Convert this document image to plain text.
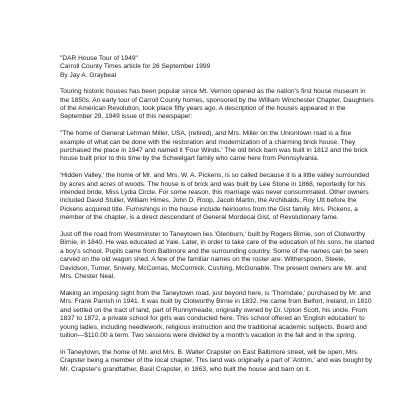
"DAR House Tour of 1949"
Carroll County Times article for 26 September 1999
By Jay A. Graybeal

Touring historic houses has been popular since Mt. Vernon opened as the nation's first house museum in the 1850s. An early tour of Carroll County homes, sponsored by the William Winchester Chapter, Daughters of the American Revolution, took place fifty years ago. A description of the houses appeared in the September 29, 1949 issue of this newspaper:

"The home of General Lehman Miller, USA, (retired), and Mrs. Miller on the Uniontown road is a fine example of what can be done with the restoration and modernization of a charming brick house. They purchased the place in 1947 and named it 'Four Winds.' The old brick barn was built in 1812 and the brick house built prior to this time by the Schwelgart family who came here from Pennsylvania.

'Hidden Valley,' the home of Mr. and Mrs. W. A. Pickens, is so called because it is a little valley surrounded by acres and acres of woods. The house is of brick and was built by Lee Stone in 1868, reportedly for his intended bride, Miss Lydia Circle. For some reason, this marriage was never consummated. Other owners included David Stuller, William Himes, John D. Roop, Jacob Martin, the Archibalds, Roy Utt before the Pickens acquired title. Furnishings in the house include heirlooms from the Gist family. Mrs. Pickens, a member of the chapter, is a direct descendant of General Mordecai Gist, of Revolutionary fame.

Just off the road from Westminster to Taneytown lies 'Glenburn,' built by Rogers Birnie, son of Clotworthy Birnie, in 1840. He was educated at Yale. Later, in order to take care of the education of his sons, he started a boy's school. Pupils came from Baltimore and the surrounding country. Some of the names can be seen carved on the old wagon shed. A few of the familiar names on the roster are: Witherspoon, Steele, Davidson, Turner, Snively, McComas, McCormick, Cushing, McGonable. The present owners are Mr. and Mrs. Chester Neal.

Making an imposing sight from the Taneytown road, just beyond here, is 'Thorndale,' purchased by Mr. and Mrs. Frank Parrish in 1941. It was built by Clotworthy Birnie in 1832. He came from Belfort, Ireland, in 1810 and settled on the tract of land, part of Runnymeade, originally owned by Dr. Upton Scott, his uncle. From 1837 to 1872, a private school for girls was conducted here. This school offered an 'English education' to young ladies, including needlework, religious instruction and the traditional academic subjects. Board and tuition—$110.00 a term. Two sessions were divided by a month's vacation in the fall and in the spring.

In Taneytown, the home of Mr. and Mrs. B. Walter Crapster on East Baltimore street, will be open, Mrs. Crapster being a member of the local chapter. This land was originally a part of 'Antrim,' and was bought by Mr. Crapster's grandfather, Basil Crapster, in 1863, who built the house and barn on it.
